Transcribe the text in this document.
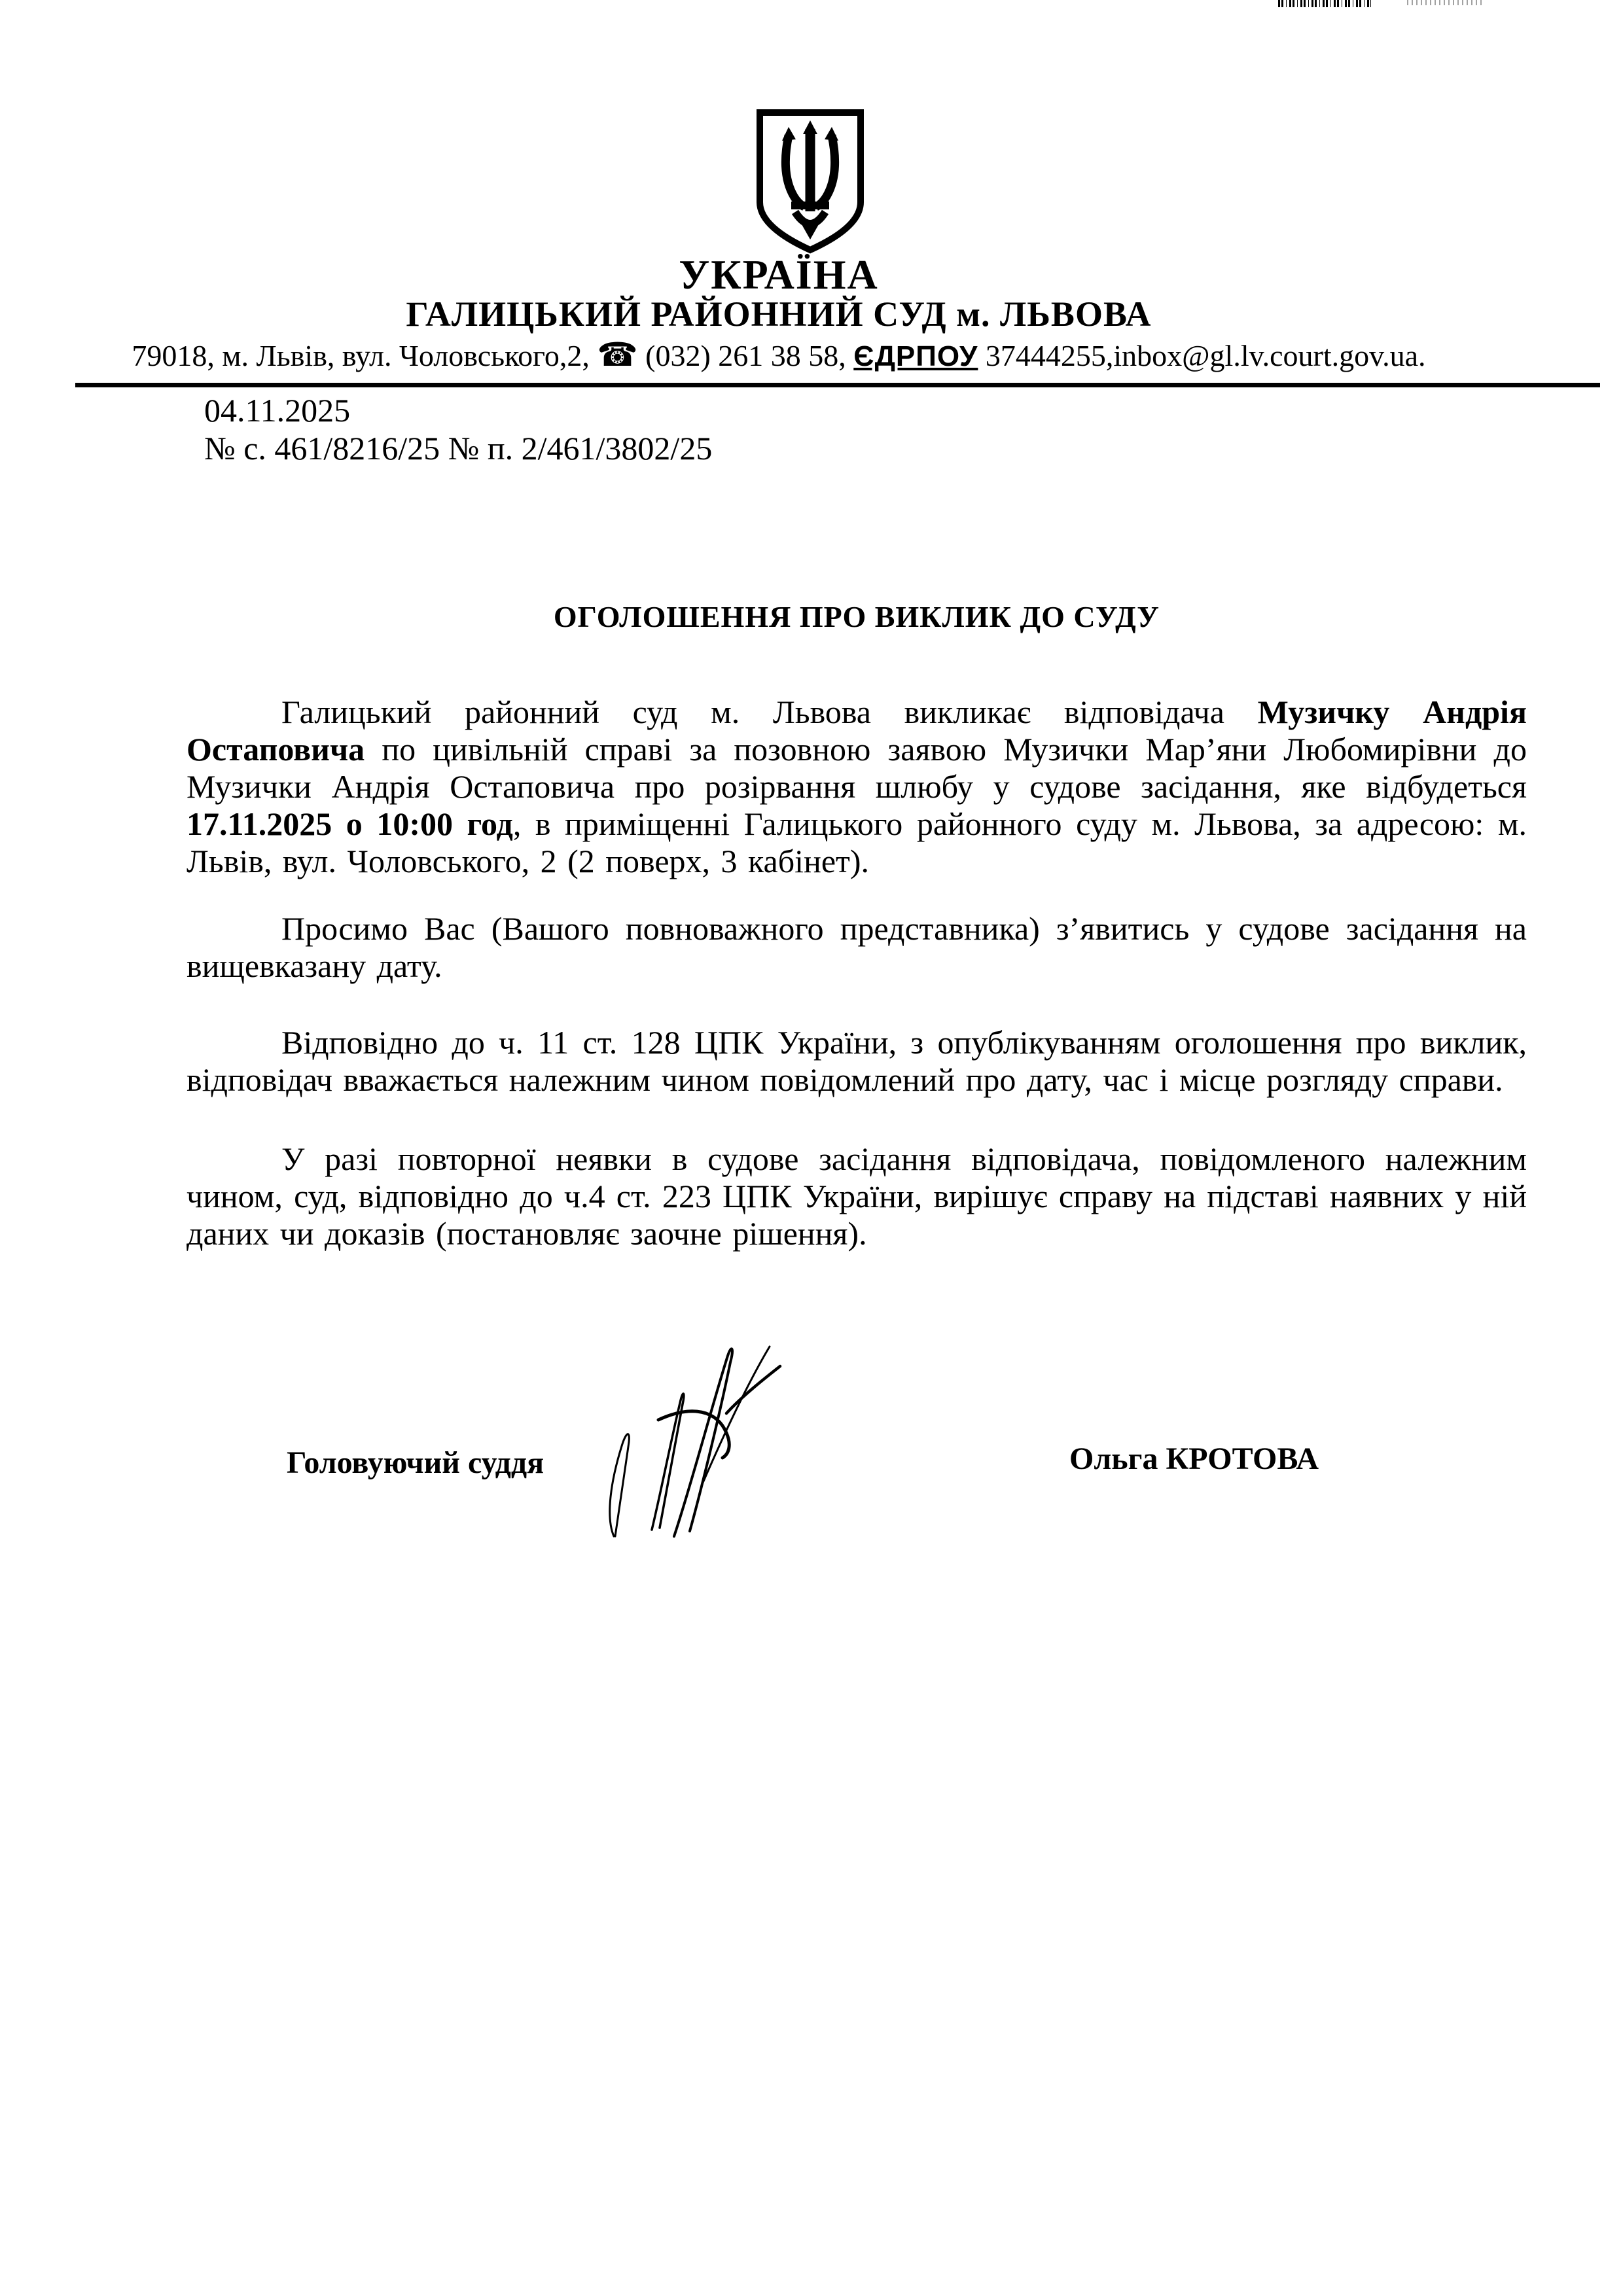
УКРАЇНА
ГАЛИЦЬКИЙ РАЙОННИЙ СУД м. ЛЬВОВА
79018, м. Львів, вул. Чоловського,2, ☎ (032) 261 38 58, ЄДРПОУ 37444255,inbox@gl.lv.court.gov.ua.
04.11.2025
№ с. 461/8216/25 № п. 2/461/3802/25
ОГОЛОШЕННЯ ПРО ВИКЛИК ДО СУДУ

Галицький районний суд м. Львова викликає відповідача Музичку Андрія Остаповича по цивільній справі за позовною заявою Музички Мар’яни Любомирівни до Музички Андрія Остаповича про розірвання шлюбу у судове засідання, яке відбудеться 17.11.2025 о 10:00 год, в приміщенні Галицького районного суду м. Львова, за адресою: м. Львів, вул. Чоловського, 2 (2 поверх, 3 кабінет).

Просимо Вас (Вашого повноважного представника) з’явитись у судове засідання на вищевказану дату.

Відповідно до ч. 11 ст. 128 ЦПК України, з опублікуванням оголошення про виклик, відповідач вважається належним чином повідомлений про дату, час і місце розгляду справи.

У разі повторної неявки в судове засідання відповідача, повідомленого належним чином, суд, відповідно до ч.4 ст. 223 ЦПК України, вирішує справу на підставі наявних у ній даних чи доказів (постановляє заочне рішення).

Головуючий суддя	Ольга КРОТОВА
